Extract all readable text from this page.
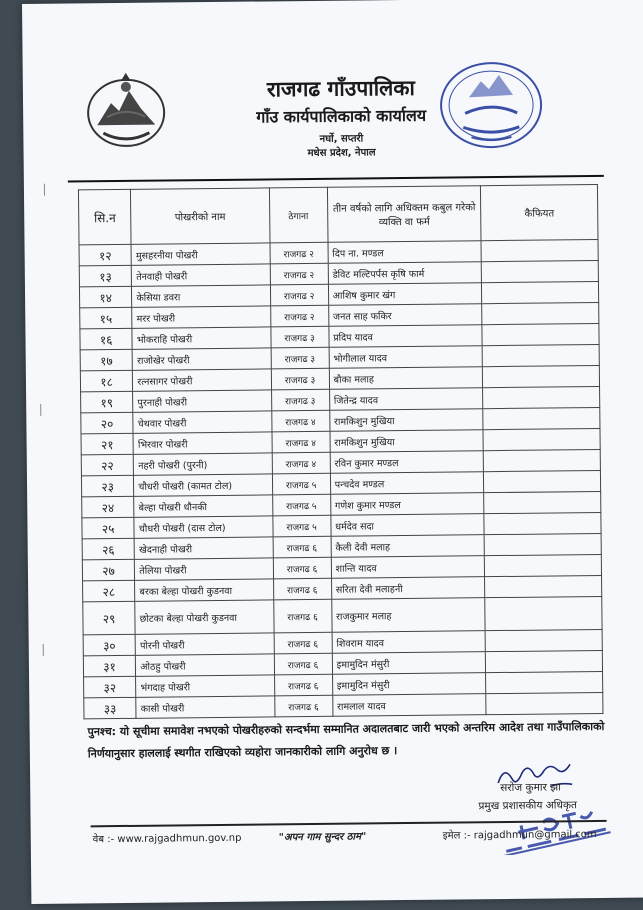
राजगढ गाँउपालिका
गाँउ कार्यपालिकाको कार्यालय
नर्घो, सप्तरी
मधेस प्रदेश, नेपाल
सि.न	पोखरीको नाम	ठेगाना	तीन वर्षको लागि अधिक्तम कबुल गरेको व्यक्ति वा फर्म	कैफियत
१२	मुसहरनीया पोखरी	राजगढ २	दिप ना. मण्डल	
१३	तेनवाही पोखरी	राजगढ २	डेविट मल्टिपर्पस कृषि फार्म	
१४	केसिया डवरा	राजगढ २	आशिष कुमार खंग	
१५	मरर पोखरी	राजगढ २	जनत साह फकिर	
१६	भोकराहि पोखरी	राजगढ ३	प्रदिप यादव	
१७	राजोखेर पोखरी	राजगढ ३	भोगीलाल यादव	
१८	रत्नसागर पोखरी	राजगढ ३	बौका मलाह	
१९	पुरनाही पोखरी	राजगढ ३	जितेन्द्र यादव	
२०	चेथवार पोखरी	राजगढ ४	रामकिशुन मुखिया	
२१	भिरवार पोखरी	राजगढ ४	रामकिशुन मुखिया	
२२	नहरी पोखरी (पुरनी)	राजगढ ४	रविन कुमार मण्डल	
२३	चौधरी पोखरी (कामत टोल)	राजगढ ५	पन्चदेव मण्डल	
२४	बेल्हा पोखरी धौनकी	राजगढ ५	गणेश कुमार मण्डल	
२५	चौधरी पोखरी (दास टोल)	राजगढ ५	धर्मदेव सदा	
२६	खेदनाही पोखरी	राजगढ ६	कैली देवी मलाह	
२७	तेलिया पोखरी	राजगढ ६	शान्ति यादव	
२८	बरका बेल्हा पोखरी कुडनवा	राजगढ ६	सरिता देवी मलाहनी	
२९	छोटका बेल्हा पोखरी कुडनवा	राजगढ ६	राजकुमार मलाह	
३०	पोरनी पोखरी	राजगढ ६	शिवराम यादव	
३१	ओठहु पोखरी	राजगढ ६	इमामुदिन मंसुरी	
३२	भंगदाह पोखरी	राजगढ ६	इमामुदिन मंसुरी	
३३	कासी पोखरी	राजगढ ६	रामलाल यादव	
पुनश्च: यो सूचीमा समावेश नभएको पोखरीहरुको सन्दर्भमा सम्मानित अदालतबाट जारी भएको अन्तरिम आदेश तथा गाउँपालिकाको निर्णयानुसार हाललाई स्थगीत राखिएको व्यहोरा जानकारीको लागि अनुरोध छ ।
सरोज कुमार झा
प्रमुख प्रशासकीय अधिकृत
वेब :- www.rajgadhmun.gov.np	"अपन गाम सुन्दर ठाम"	इमेल :- rajgadhmun@gmail.com
